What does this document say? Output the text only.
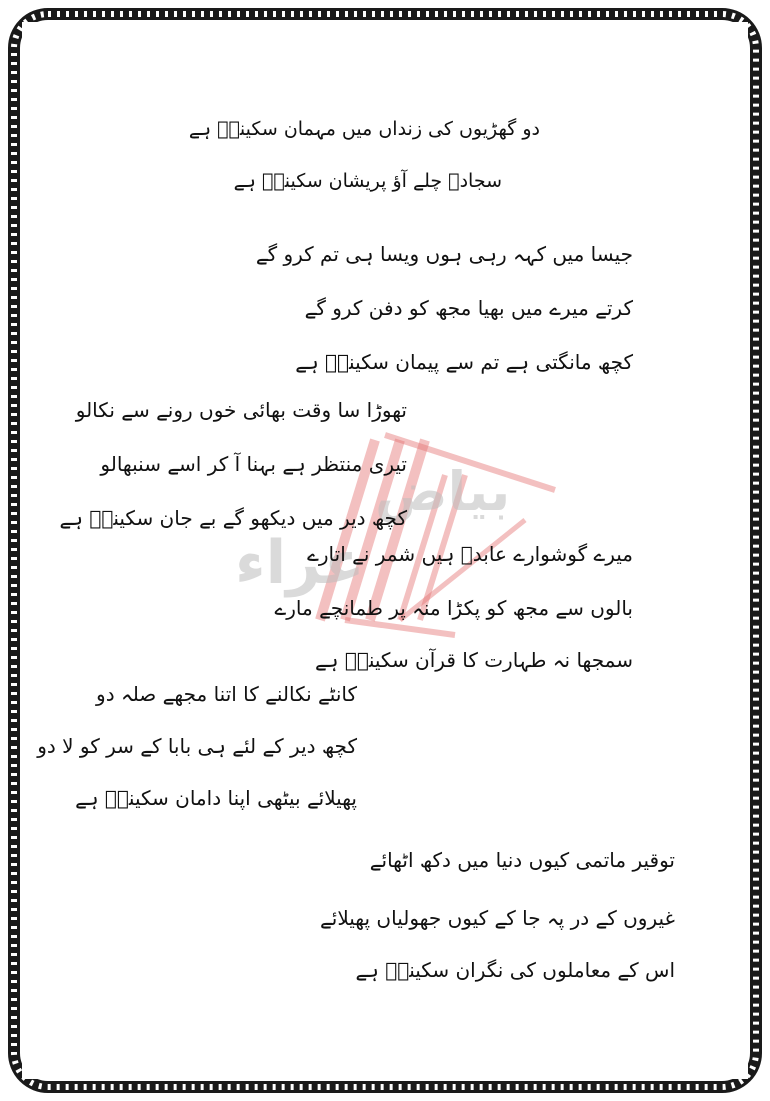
بیاض
عزاء
دو گھڑیوں کی زنداں میں مہمان سکینہؑ ہے
سجادؑ چلے آؤ پریشان سکینہؑ ہے
جیسا میں کہہ رہی ہوں ویسا ہی تم کرو گے
کرتے میرے میں بھیا مجھ کو دفن کرو گے
کچھ مانگتی ہے تم سے پیمان سکینہؑ ہے
تھوڑا سا وقت بھائی خوں رونے سے نکالو
تیری منتظر ہے بہنا آ کر اسے سنبھالو
کچھ دیر میں دیکھو گے بے جان سکینہؑ ہے
میرے گوشوارے عابدؑ ہیں شمر نے اتارے
بالوں سے مجھ کو پکڑا منہ پر طمانچے مارے
سمجھا نہ طہارت کا قرآن سکینہؑ ہے
کانٹے نکالنے کا اتنا مجھے صلہ دو
کچھ دیر کے لئے ہی بابا کے سر کو لا دو
پھیلائے بیٹھی اپنا دامان سکینہؑ ہے
توقیر ماتمی کیوں دنیا میں دکھ اٹھائے
غیروں کے در پہ جا کے کیوں جھولیاں پھیلائے
اس کے معاملوں کی نگران سکینہؑ ہے
